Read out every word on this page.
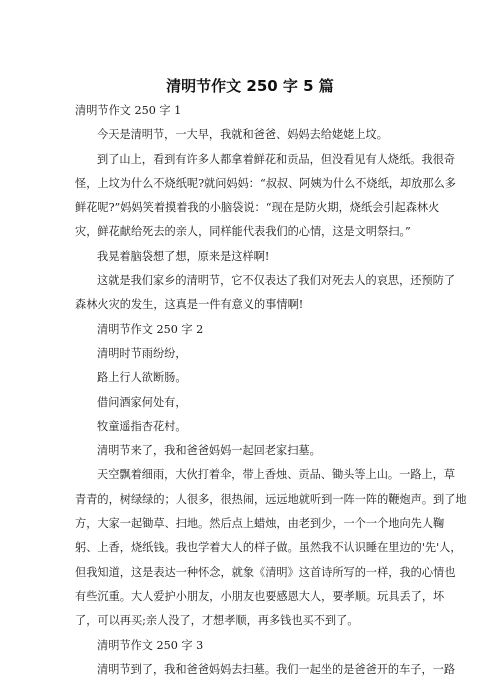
清明节作文 250 字 5 篇
清明节作文 250 字 1
今天是清明节，一大早，我就和爸爸、妈妈去给姥姥上坟。
到了山上，看到有许多人都拿着鲜花和贡品，但没看见有人烧纸。我很奇
怪，上坟为什么不烧纸呢?就问妈妈：“叔叔、阿姨为什么不烧纸，却放那么多
鲜花呢?”妈妈笑着摸着我的小脑袋说：“现在是防火期，烧纸会引起森林火
灾，鲜花献给死去的亲人，同样能代表我们的心情，这是文明祭扫。”
我晃着脑袋想了想，原来是这样啊!
这就是我们家乡的清明节，它不仅表达了我们对死去人的哀思，还预防了
森林火灾的发生，这真是一件有意义的事情啊!
清明节作文 250 字 2
清明时节雨纷纷，
路上行人欲断肠。
借问酒家何处有，
牧童遥指杏花村。
清明节来了，我和爸爸妈妈一起回老家扫墓。
天空飘着细雨，大伙打着伞，带上香烛、贡品、锄头等上山。一路上，草
青青的，树绿绿的；人很多，很热闹，远远地就听到一阵一阵的鞭炮声。到了地
方，大家一起锄草、扫地。然后点上蜡烛，由老到少，一个一个地向先人鞠
躬、上香，烧纸钱。我也学着大人的样子做。虽然我不认识睡在里边的'先'人，
但我知道，这是表达一种怀念，就象《清明》这首诗所写的一样，我的心情也
有些沉重。大人爱护小朋友，小朋友也要感恩大人，要孝顺。玩具丢了，坏
了，可以再买;亲人没了，才想孝顺，再多钱也买不到了。
清明节作文 250 字 3
清明节到了，我和爸爸妈妈去扫墓。我们一起坐的是爸爸开的车子，一路
